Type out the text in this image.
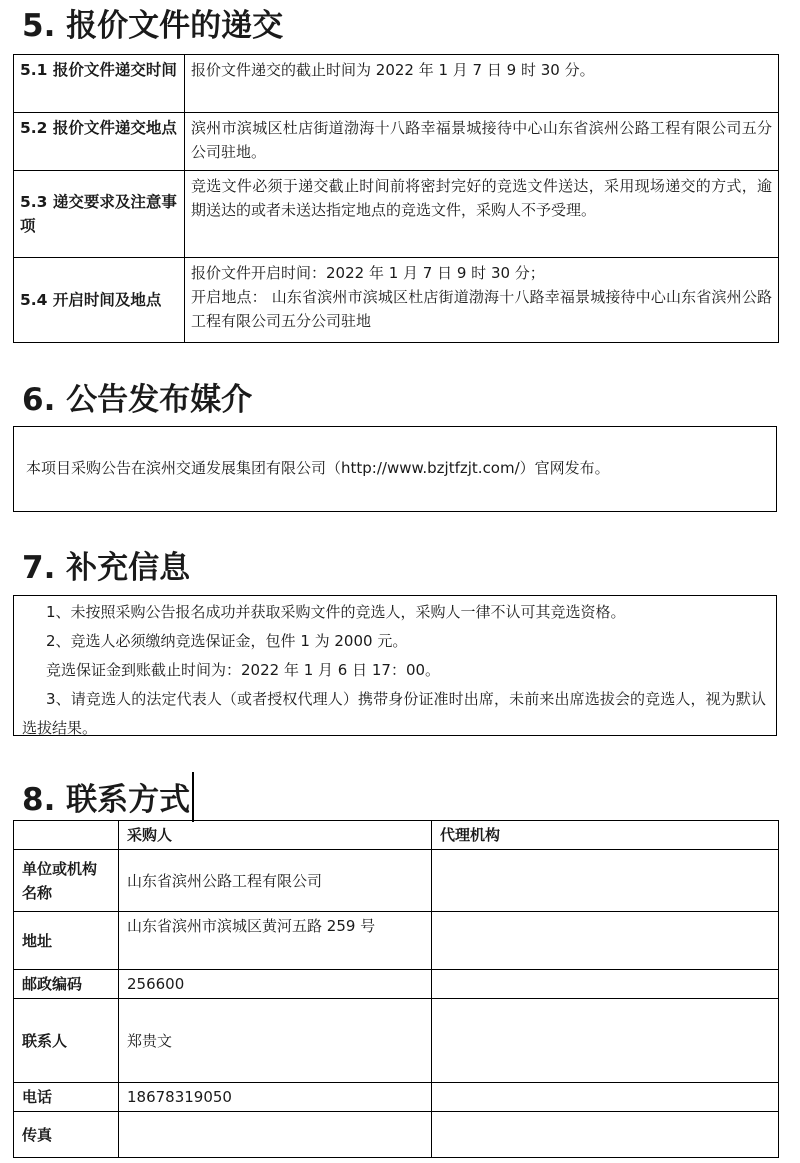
5. 报价文件的递交
5.1 报价文件递交时间	报价文件递交的截止时间为 2022 年 1 月 7 日 9 时 30 分。
5.2 报价文件递交地点	滨州市滨城区杜店街道渤海十八路幸福景城接待中心山东省滨州公路工程有限公司五分公司驻地。
5.3 递交要求及注意事项	竞选文件必须于递交截止时间前将密封完好的竞选文件送达，采用现场递交的方式，逾期送达的或者未送达指定地点的竞选文件，采购人不予受理。
5.4 开启时间及地点	报价文件开启时间：2022 年 1 月 7 日 9 时 30 分；
开启地点： 山东省滨州市滨城区杜店街道渤海十八路幸福景城接待中心山东省滨州公路工程有限公司五分公司驻地
6. 公告发布媒介
本项目采购公告在滨州交通发展集团有限公司（http://www.bzjtfzjt.com/）官网发布。
7. 补充信息

1、未按照采购公告报名成功并获取采购文件的竞选人，采购人一律不认可其竞选资格。

2、竞选人必须缴纳竞选保证金，包件 1 为 2000 元。

竞选保证金到账截止时间为：2022 年 1 月 6 日 17：00。

3、请竞选人的法定代表人（或者授权代理人）携带身份证准时出席，未前来出席选拔会的竞选人，视为默认选拔结果。

8. 联系方式
	采购人	代理机构
单位或机构名称	山东省滨州公路工程有限公司	
地址	山东省滨州市滨城区黄河五路 259 号	
邮政编码	256600	
联系人	郑贵文	
电话	18678319050	
传真		
